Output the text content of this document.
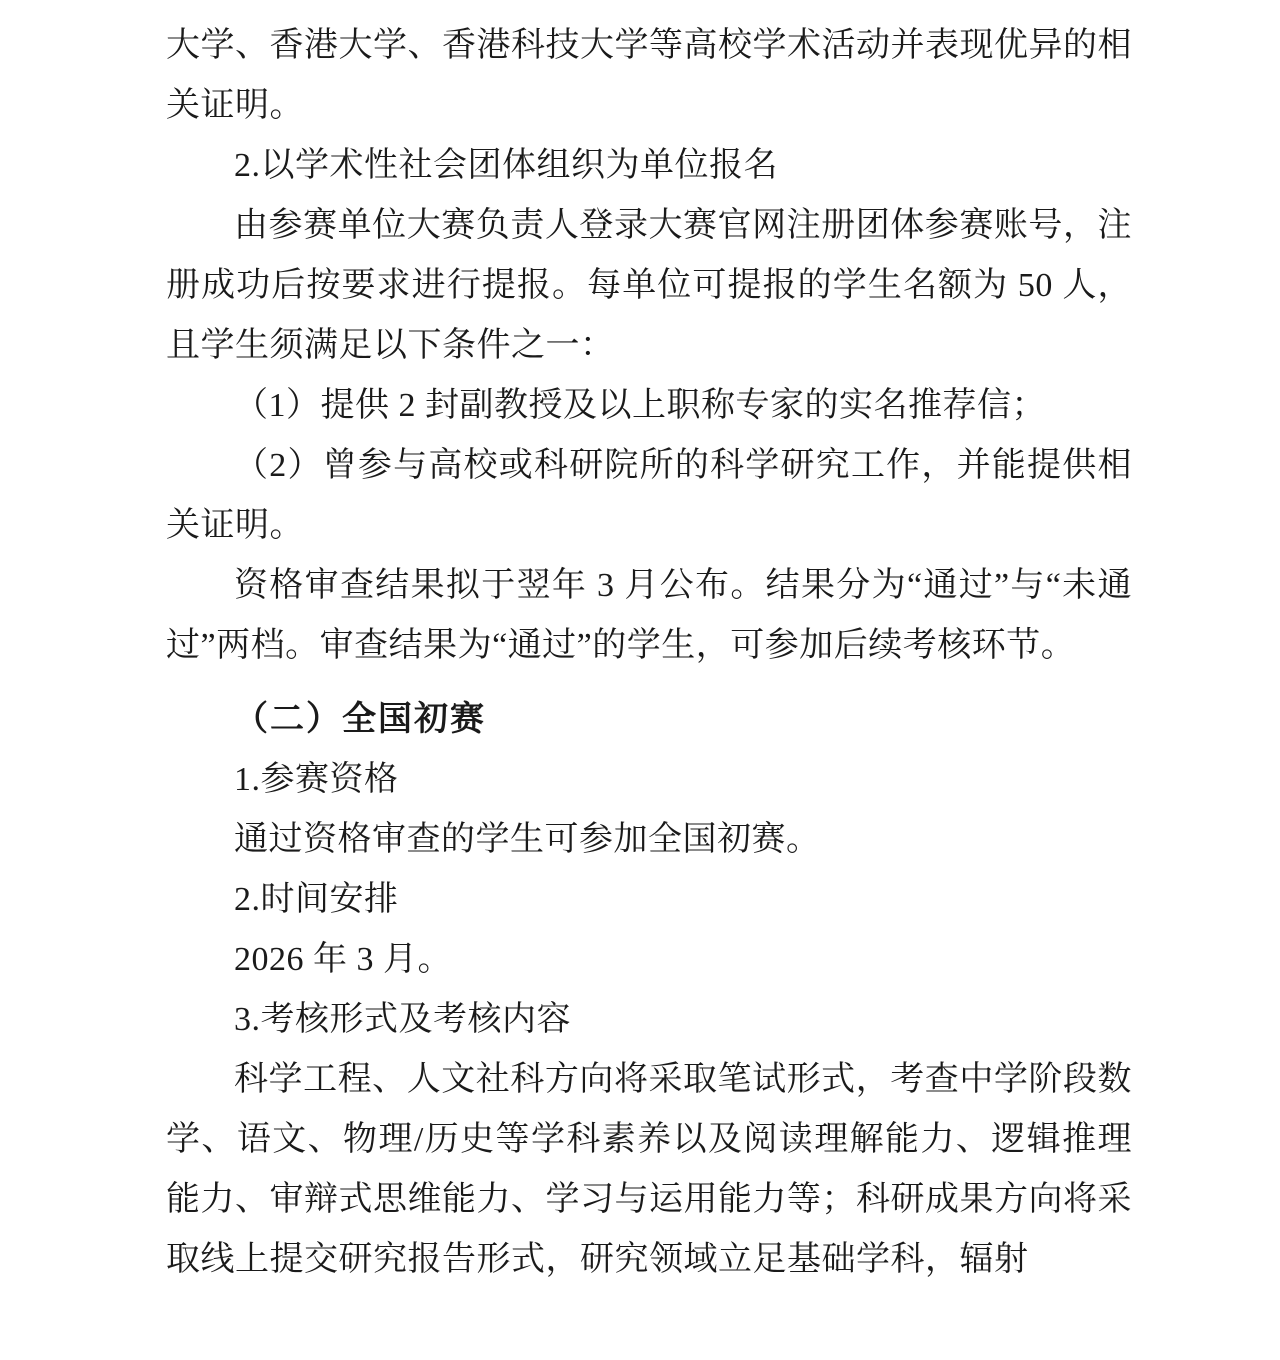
大学、香港大学、香港科技大学等高校学术活动并表现优异的相关证明。

2.以学术性社会团体组织为单位报名

由参赛单位大赛负责人登录大赛官网注册团体参赛账号，注册成功后按要求进行提报。每单位可提报的学生名额为 50 人，且学生须满足以下条件之一：

（1）提供 2 封副教授及以上职称专家的实名推荐信；

（2）曾参与高校或科研院所的科学研究工作，并能提供相关证明。

资格审查结果拟于翌年 3 月公布。结果分为“通过”与“未通过”两档。审查结果为“通过”的学生，可参加后续考核环节。

（二）全国初赛

1.参赛资格

通过资格审查的学生可参加全国初赛。

2.时间安排

2026 年 3 月。

3.考核形式及考核内容

科学工程、人文社科方向将采取笔试形式，考查中学阶段数学、语文、物理/历史等学科素养以及阅读理解能力、逻辑推理能力、审辩式思维能力、学习与运用能力等；科研成果方向将采取线上提交研究报告形式，研究领域立足基础学科，辐射
